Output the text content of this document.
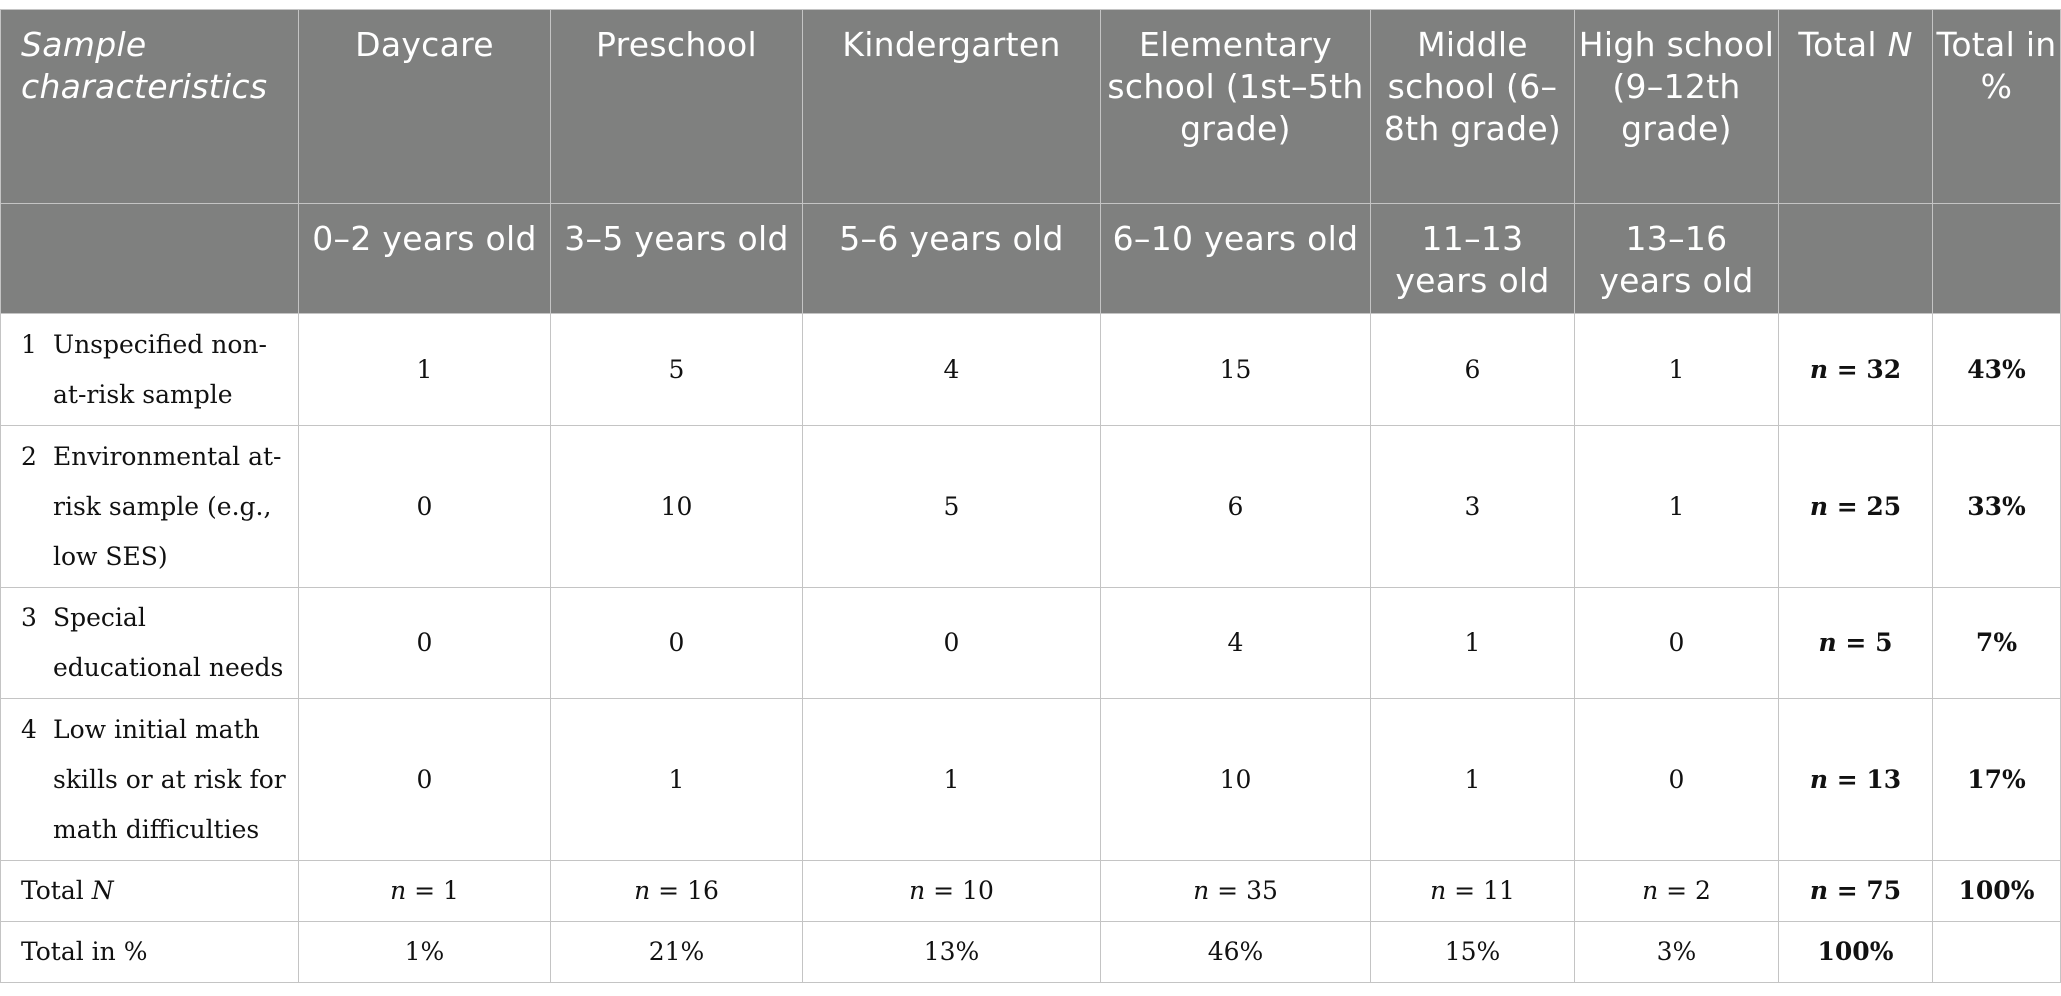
Sample characteristics	Daycare	Preschool	Kindergarten	Elementary school (1st–5th grade)	Middle school (6–8th grade)	High school (9–12th grade)	Total N	Total in %
	0–2 years old	3–5 years old	5–6 years old	6–10 years old	11–13 years old	13–16 years old		

1 Unspecified non-at-risk sample	1	5	4	15	6	1	n = 32	43%

2 Environmental at-risk sample (e.g., low SES)	0	10	5	6	3	1	n = 25	33%

3 Special educational needs	0	0	0	4	1	0	n = 5	7%

4 Low initial math skills or at risk for math difficulties	0	1	1	10	1	0	n = 13	17%
Total N	n = 1	n = 16	n = 10	n = 35	n = 11	n = 2	n = 75	100%
Total in %	1%	21%	13%	46%	15%	3%	100%	
